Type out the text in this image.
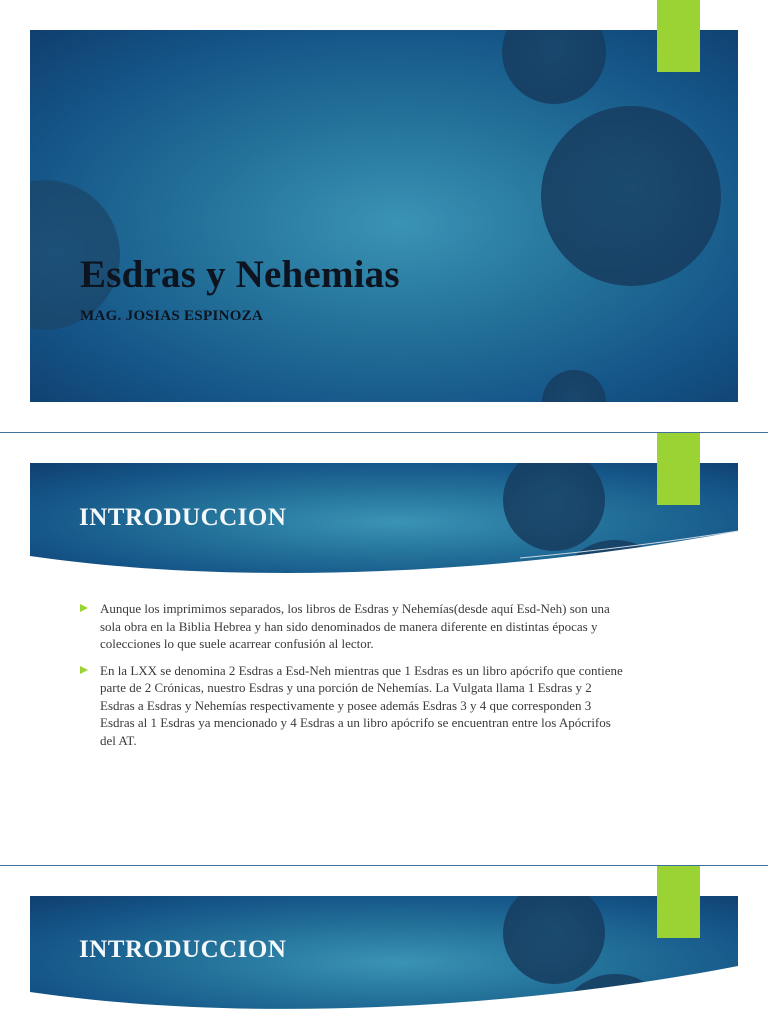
Esdras y Nehemias
MAG. JOSIAS ESPINOZA
INTRODUCCION
Aunque los imprimimos separados, los libros de Esdras y Nehemías(desde aquí Esd-Neh) son una sola obra en la Biblia Hebrea y han sido denominados de manera diferente en distintas épocas y colecciones lo que suele acarrear confusión al lector.
En la LXX se denomina 2 Esdras a Esd-Neh mientras que 1 Esdras es un libro apócrifo que contiene parte de 2 Crónicas, nuestro Esdras y una porción de Nehemías. La Vulgata llama 1 Esdras y 2 Esdras a Esdras y Nehemías respectivamente y posee además Esdras 3 y 4 que corresponden 3 Esdras al 1 Esdras ya mencionado y 4 Esdras a un libro apócrifo se encuentran entre los Apócrifos del AT.
INTRODUCCION
